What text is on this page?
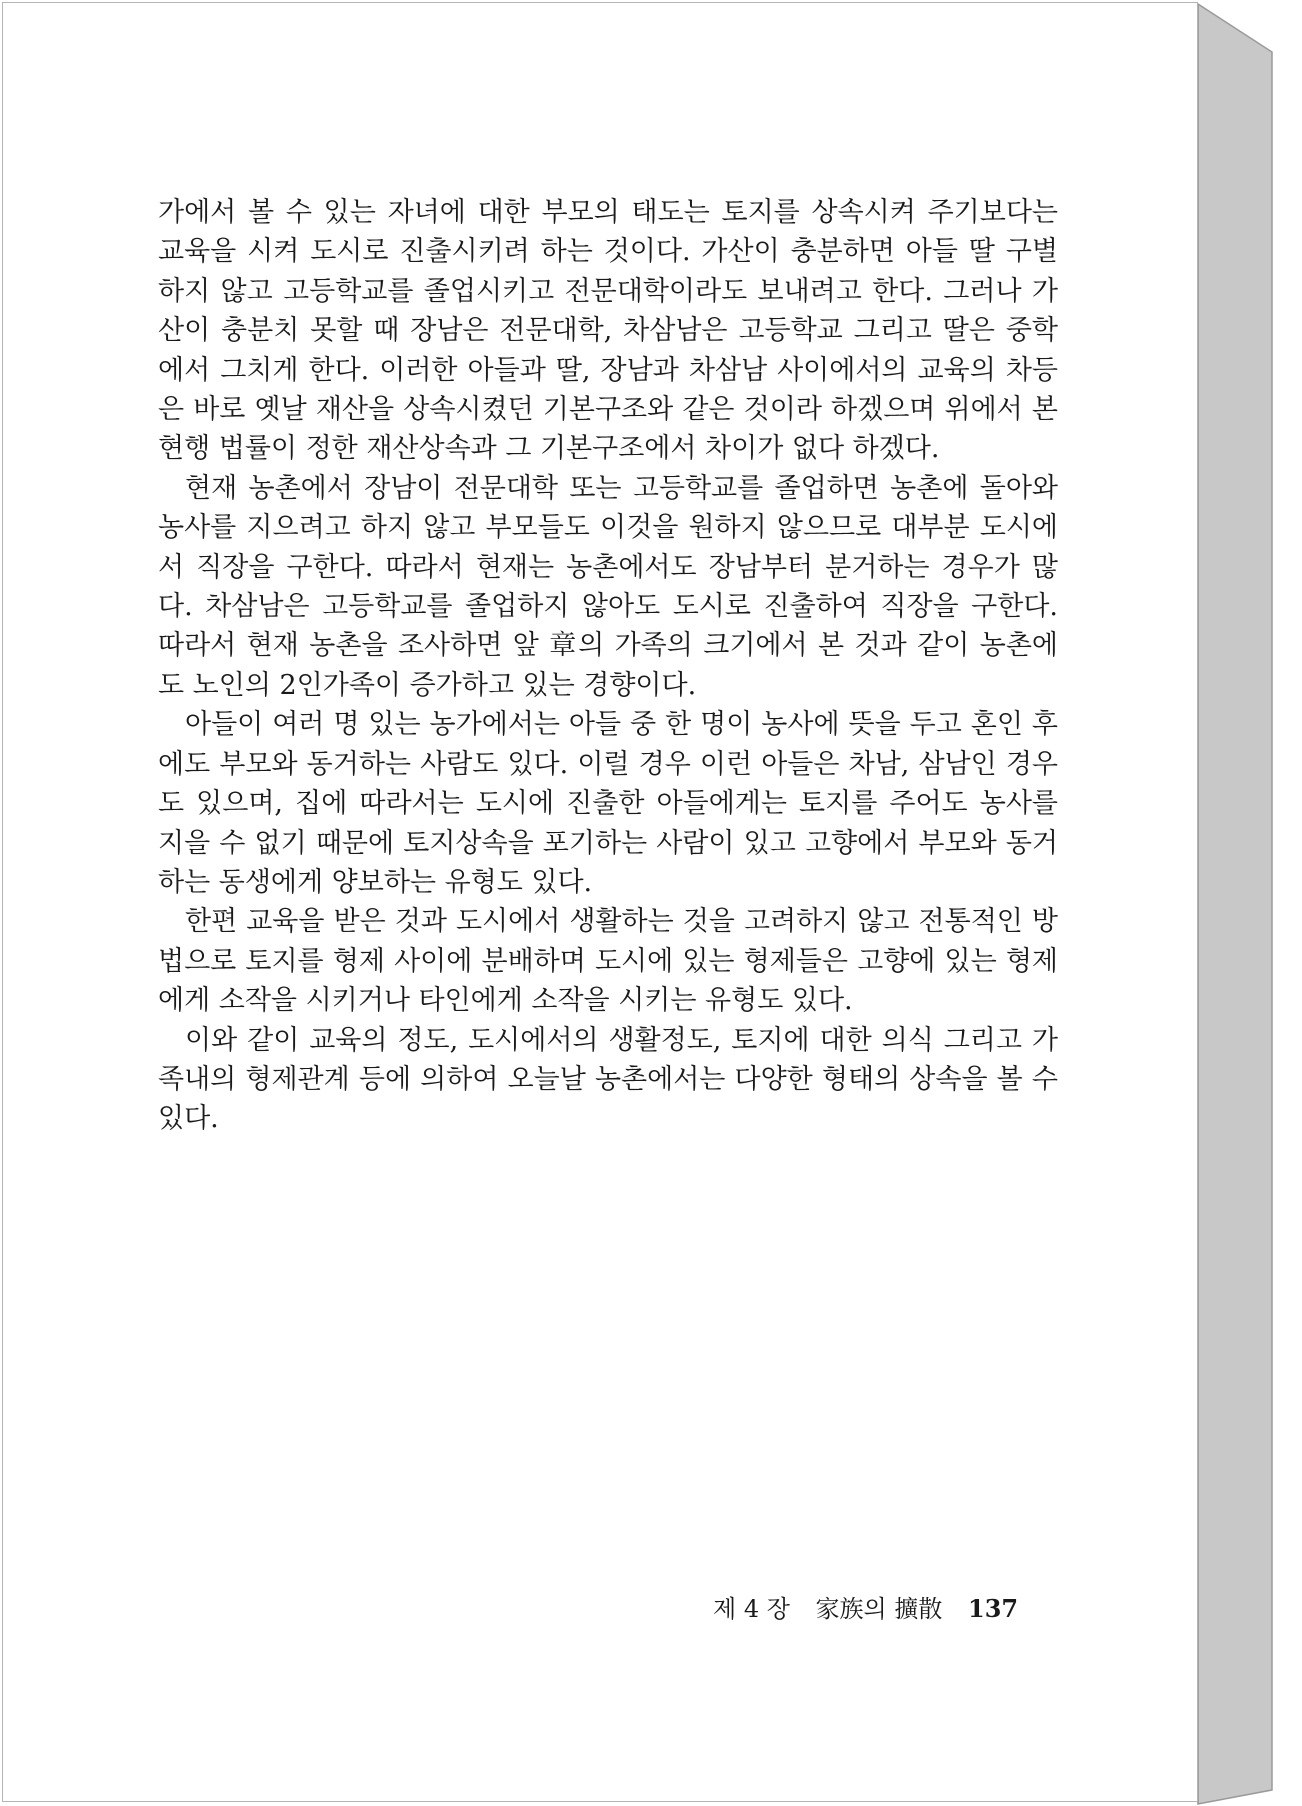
가에서 볼 수 있는 자녀에 대한 부모의 태도는 토지를 상속시켜 주기보다는 교육을 시켜 도시로 진출시키려 하는 것이다. 가산이 충분하면 아들 딸 구별하지 않고 고등학교를 졸업시키고 전문대학이라도 보내려고 한다. 그러나 가산이 충분치 못할 때 장남은 전문대학, 차삼남은 고등학교 그리고 딸은 중학에서 그치게 한다. 이러한 아들과 딸, 장남과 차삼남 사이에서의 교육의 차등은 바로 옛날 재산을 상속시켰던 기본구조와 같은 것이라 하겠으며 위에서 본 현행 법률이 정한 재산상속과 그 기본구조에서 차이가 없다 하겠다.

현재 농촌에서 장남이 전문대학 또는 고등학교를 졸업하면 농촌에 돌아와 농사를 지으려고 하지 않고 부모들도 이것을 원하지 않으므로 대부분 도시에서 직장을 구한다. 따라서 현재는 농촌에서도 장남부터 분거하는 경우가 많다. 차삼남은 고등학교를 졸업하지 않아도 도시로 진출하여 직장을 구한다. 따라서 현재 농촌을 조사하면 앞 章의 가족의 크기에서 본 것과 같이 농촌에도 노인의 2인가족이 증가하고 있는 경향이다.

아들이 여러 명 있는 농가에서는 아들 중 한 명이 농사에 뜻을 두고 혼인 후에도 부모와 동거하는 사람도 있다. 이럴 경우 이런 아들은 차남, 삼남인 경우도 있으며, 집에 따라서는 도시에 진출한 아들에게는 토지를 주어도 농사를 지을 수 없기 때문에 토지상속을 포기하는 사람이 있고 고향에서 부모와 동거하는 동생에게 양보하는 유형도 있다.

한편 교육을 받은 것과 도시에서 생활하는 것을 고려하지 않고 전통적인 방법으로 토지를 형제 사이에 분배하며 도시에 있는 형제들은 고향에 있는 형제에게 소작을 시키거나 타인에게 소작을 시키는 유형도 있다.

이와 같이 교육의 정도, 도시에서의 생활정도, 토지에 대한 의식 그리고 가족내의 형제관계 등에 의하여 오늘날 농촌에서는 다양한 형태의 상속을 볼 수 있다.

제 4 장 家族의 擴散 137
